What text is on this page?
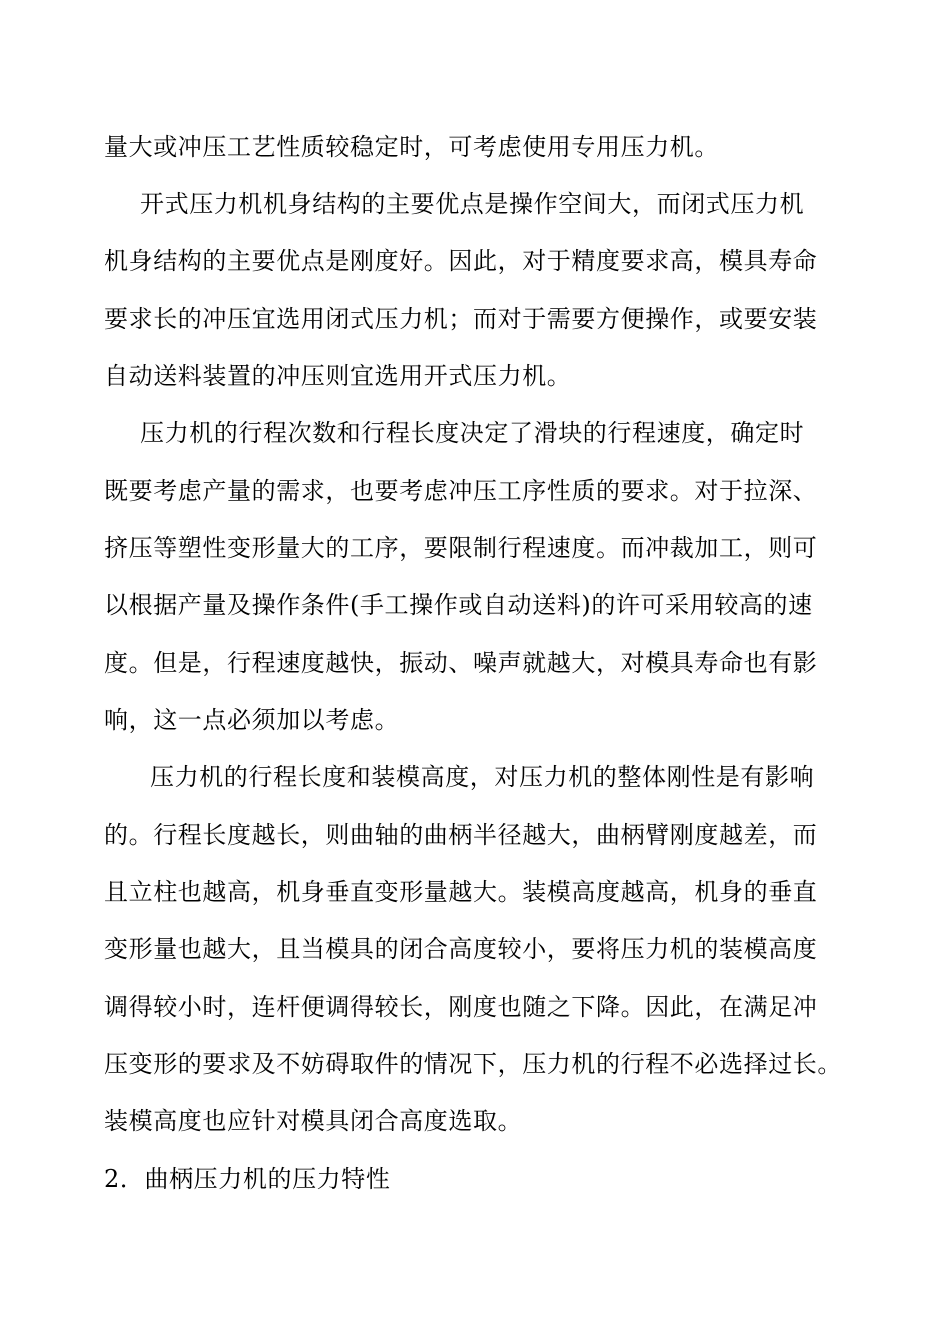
量大或冲压工艺性质较稳定时，可考虑使用专用压力机。
开式压力机机身结构的主要优点是操作空间大，而闭式压力机
机身结构的主要优点是刚度好。因此，对于精度要求高，模具寿命
要求长的冲压宜选用闭式压力机；而对于需要方便操作，或要安装
自动送料装置的冲压则宜选用开式压力机。
压力机的行程次数和行程长度决定了滑块的行程速度，确定时
既要考虑产量的需求，也要考虑冲压工序性质的要求。对于拉深、
挤压等塑性变形量大的工序，要限制行程速度。而冲裁加工，则可
以根据产量及操作条件(手工操作或自动送料)的许可采用较高的速
度。但是，行程速度越快，振动、噪声就越大，对模具寿命也有影
响，这一点必须加以考虑。
压力机的行程长度和装模高度，对压力机的整体刚性是有影响
的。行程长度越长，则曲轴的曲柄半径越大，曲柄臂刚度越差，而
且立柱也越高，机身垂直变形量越大。装模高度越高，机身的垂直
变形量也越大，且当模具的闭合高度较小，要将压力机的装模高度
调得较小时，连杆便调得较长，刚度也随之下降。因此，在满足冲
压变形的要求及不妨碍取件的情况下，压力机的行程不必选择过长。
装模高度也应针对模具闭合高度选取。
2．曲柄压力机的压力特性
